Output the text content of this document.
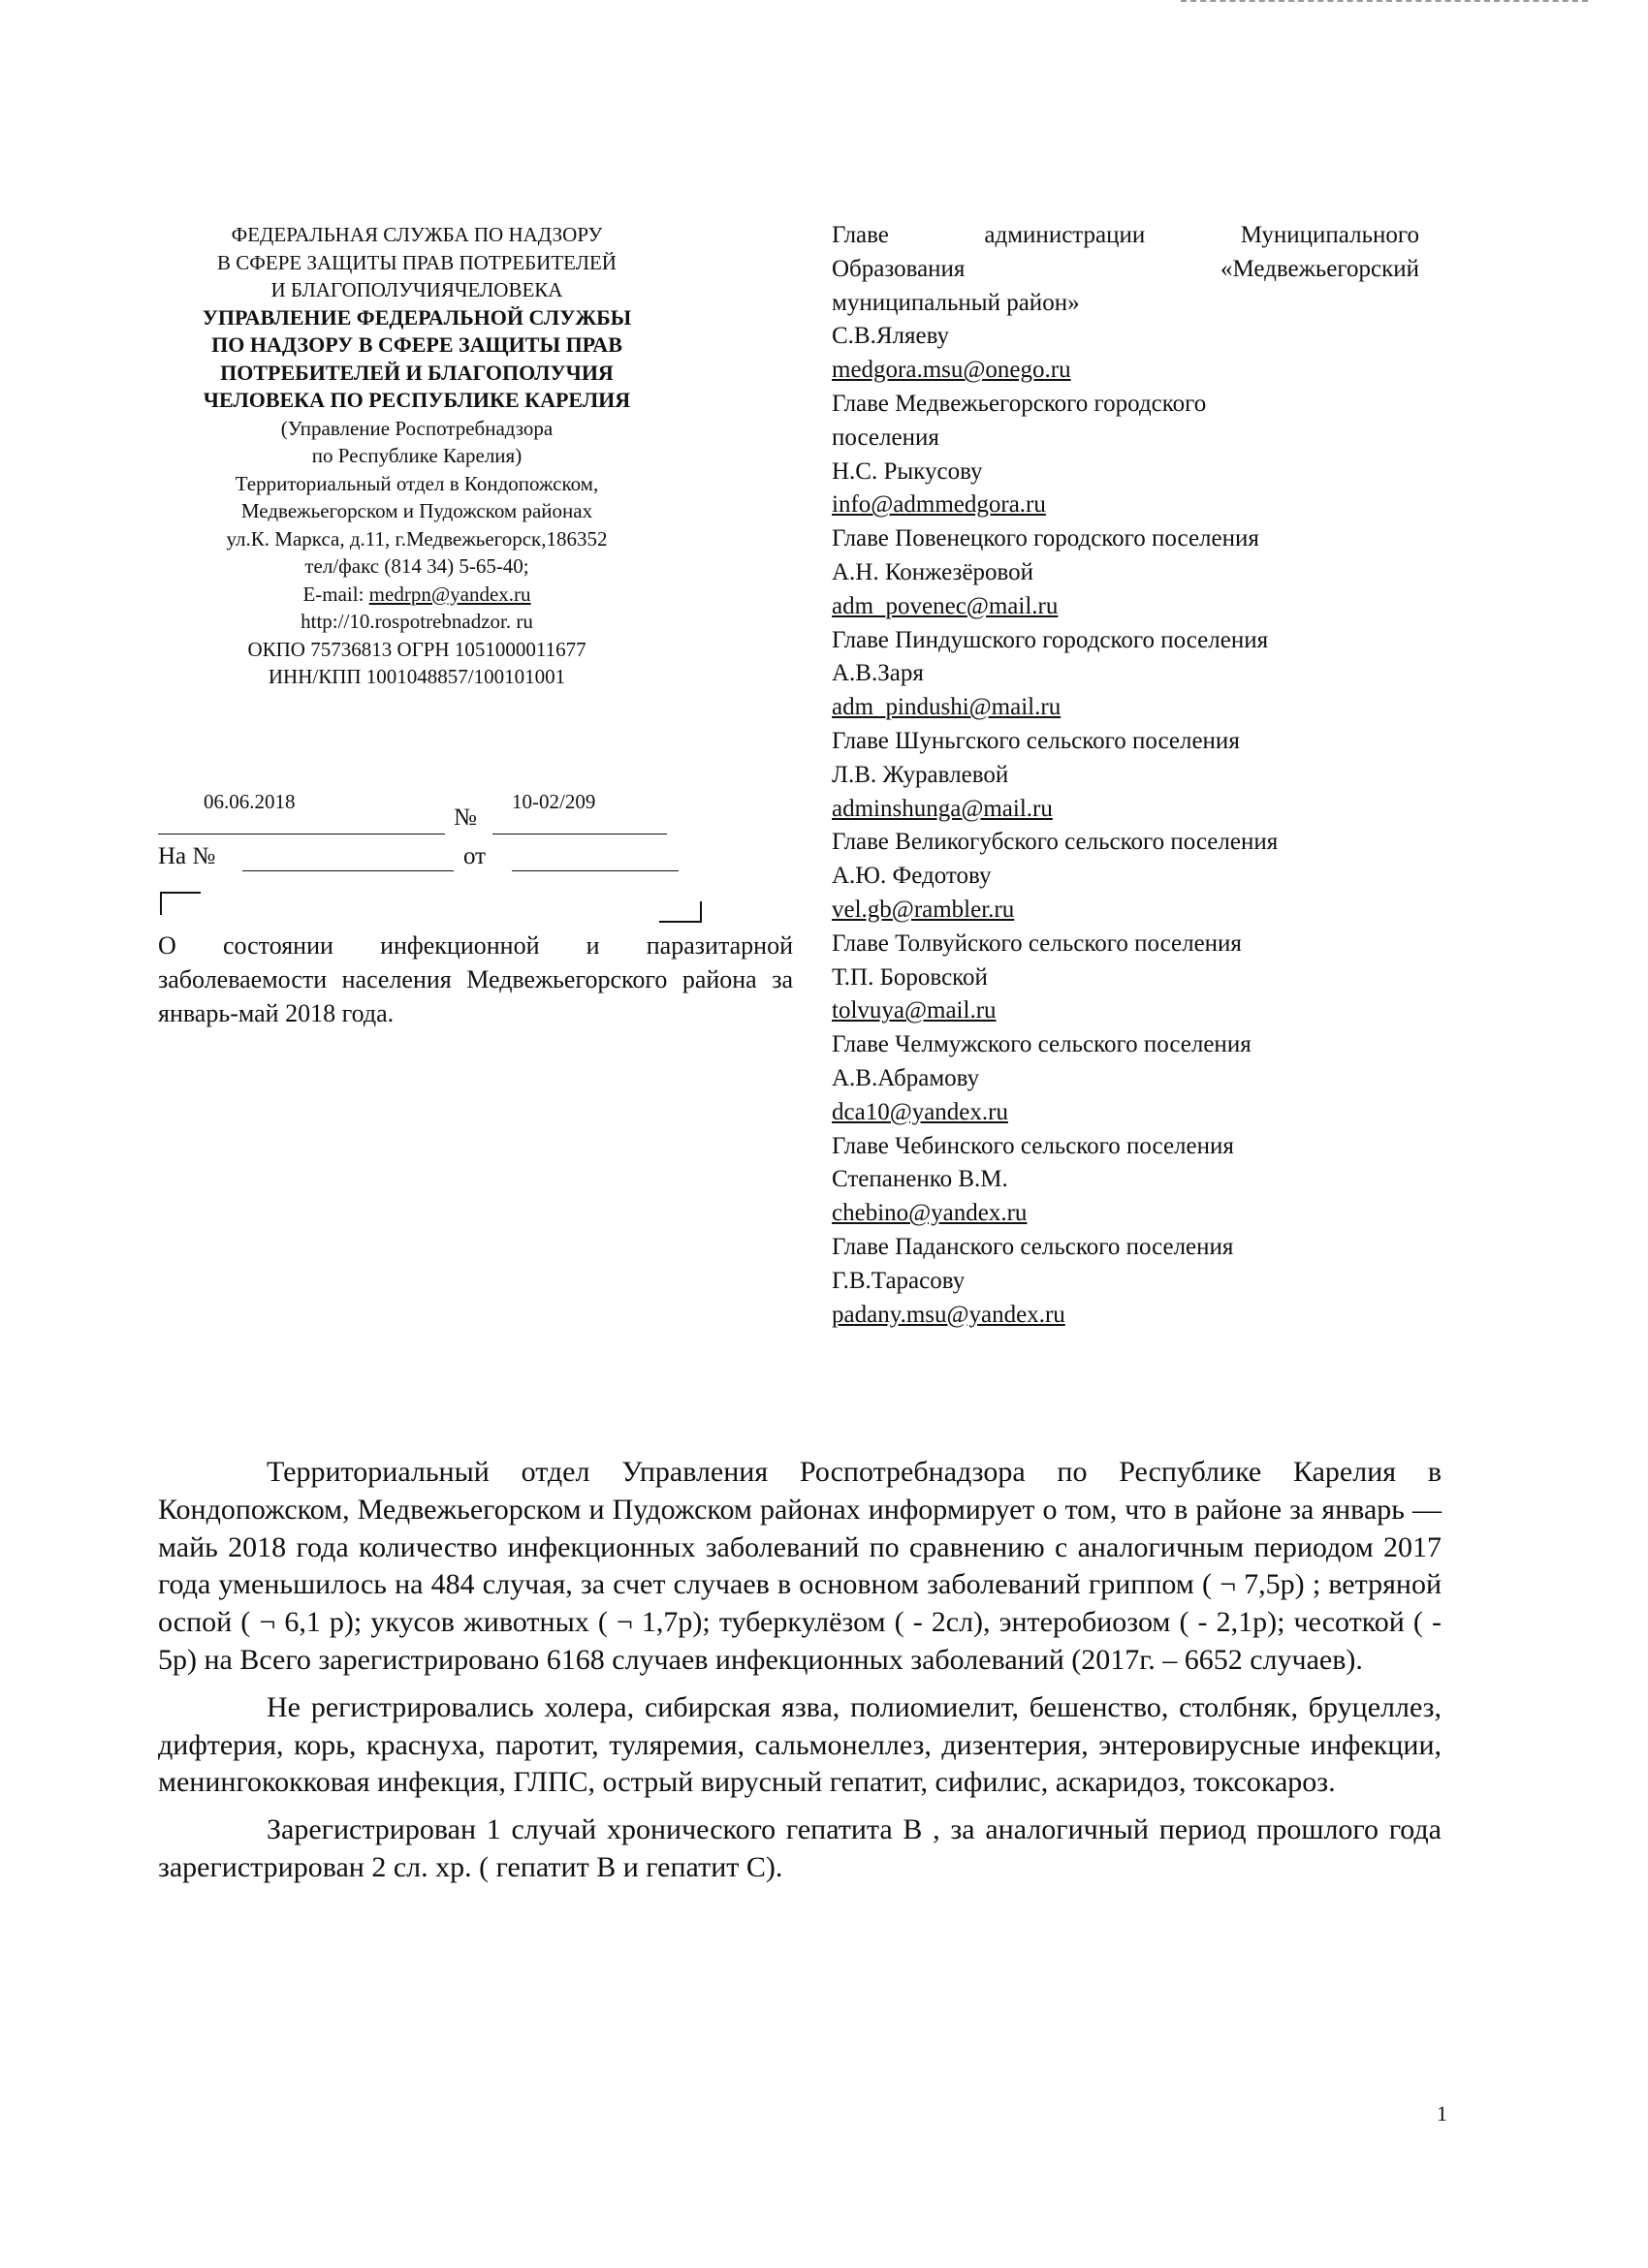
ФЕДЕРАЛЬНАЯ СЛУЖБА ПО НАДЗОРУ
В СФЕРЕ ЗАЩИТЫ ПРАВ ПОТРЕБИТЕЛЕЙ
И БЛАГОПОЛУЧИЯЧЕЛОВЕКА
УПРАВЛЕНИЕ ФЕДЕРАЛЬНОЙ СЛУЖБЫ
ПО НАДЗОРУ В СФЕРЕ ЗАЩИТЫ ПРАВ
ПОТРЕБИТЕЛЕЙ И БЛАГОПОЛУЧИЯ
ЧЕЛОВЕКА ПО РЕСПУБЛИКЕ КАРЕЛИЯ
(Управление Роспотребнадзора
по Республике Карелия)
Территориальный отдел в Кондопожском,
Медвежьегорском и Пудожском районах
ул.К. Маркса, д.11, г.Медвежьегорск,186352
тел/факс (814 34) 5-65-40;
E-mail: medrpn@yandex.ru
http://10.rospotrebnadzor. ru
ОКПО 75736813 ОГРН 1051000011677
ИНН/КПП 1001048857/100101001
06.06.2018
№
10-02/209
На №	от
О состоянии инфекционной и паразитарной заболеваемости населения Медвежьегорского района за январь-май 2018 года.
Главе	администрации	Муниципального
Образования	«Медвежьегорский
муниципальный район»
С.В.Яляеву
medgora.msu@onego.ru
Главе Медвежьегорского городского
поселения
Н.С. Рыкусову
info@admmedgora.ru
Главе Повенецкого городского поселения
А.Н. Конжезёровой
adm_povenec@mail.ru
Главе Пиндушского городского поселения
А.В.Заря
adm_pindushi@mail.ru
Главе Шуньгского сельского поселения
Л.В. Журавлевой
adminshunga@mail.ru
Главе Великогубского сельского поселения
А.Ю. Федотову
vel.gb@rambler.ru
Главе Толвуйского сельского поселения
Т.П. Боровской
tolvuya@mail.ru
Главе Челмужского сельского поселения
А.В.Абрамову
dca10@yandex.ru
Главе Чебинского сельского поселения
Степаненко В.М.
chebino@yandex.ru
Главе Паданского сельского поселения
Г.В.Тарасову
padany.msu@yandex.ru

Территориальный отдел Управления Роспотребнадзора по Республике Карелия в Кондопожском, Медвежьегорском и Пудожском районах информирует о том, что в районе за январь —майь 2018 года количество инфекционных заболеваний по сравнению с аналогичным периодом 2017 года уменьшилось на 484 случая, за счет случаев в основном заболеваний гриппом ( ¬ 7,5р) ; ветряной оспой ( ¬ 6,1 р); укусов животных ( ¬ 1,7р); туберкулёзом ( - 2сл), энтеробиозом ( - 2,1р); чесоткой ( - 5р) на Всего зарегистрировано 6168 случаев инфекционных заболеваний (2017г. – 6652 случаев).

Не регистрировались холера, сибирская язва, полиомиелит, бешенство, столбняк, бруцеллез, дифтерия, корь, краснуха, паротит, туляремия, сальмонеллез, дизентерия, энтеровирусные инфекции, менингококковая инфекция, ГЛПС, острый вирусный гепатит, сифилис, аскаридоз, токсокароз.

Зарегистрирован 1 случай хронического гепатита В , за аналогичный период прошлого года зарегистрирован 2 сл. хр. ( гепатит В и гепатит С).

1
